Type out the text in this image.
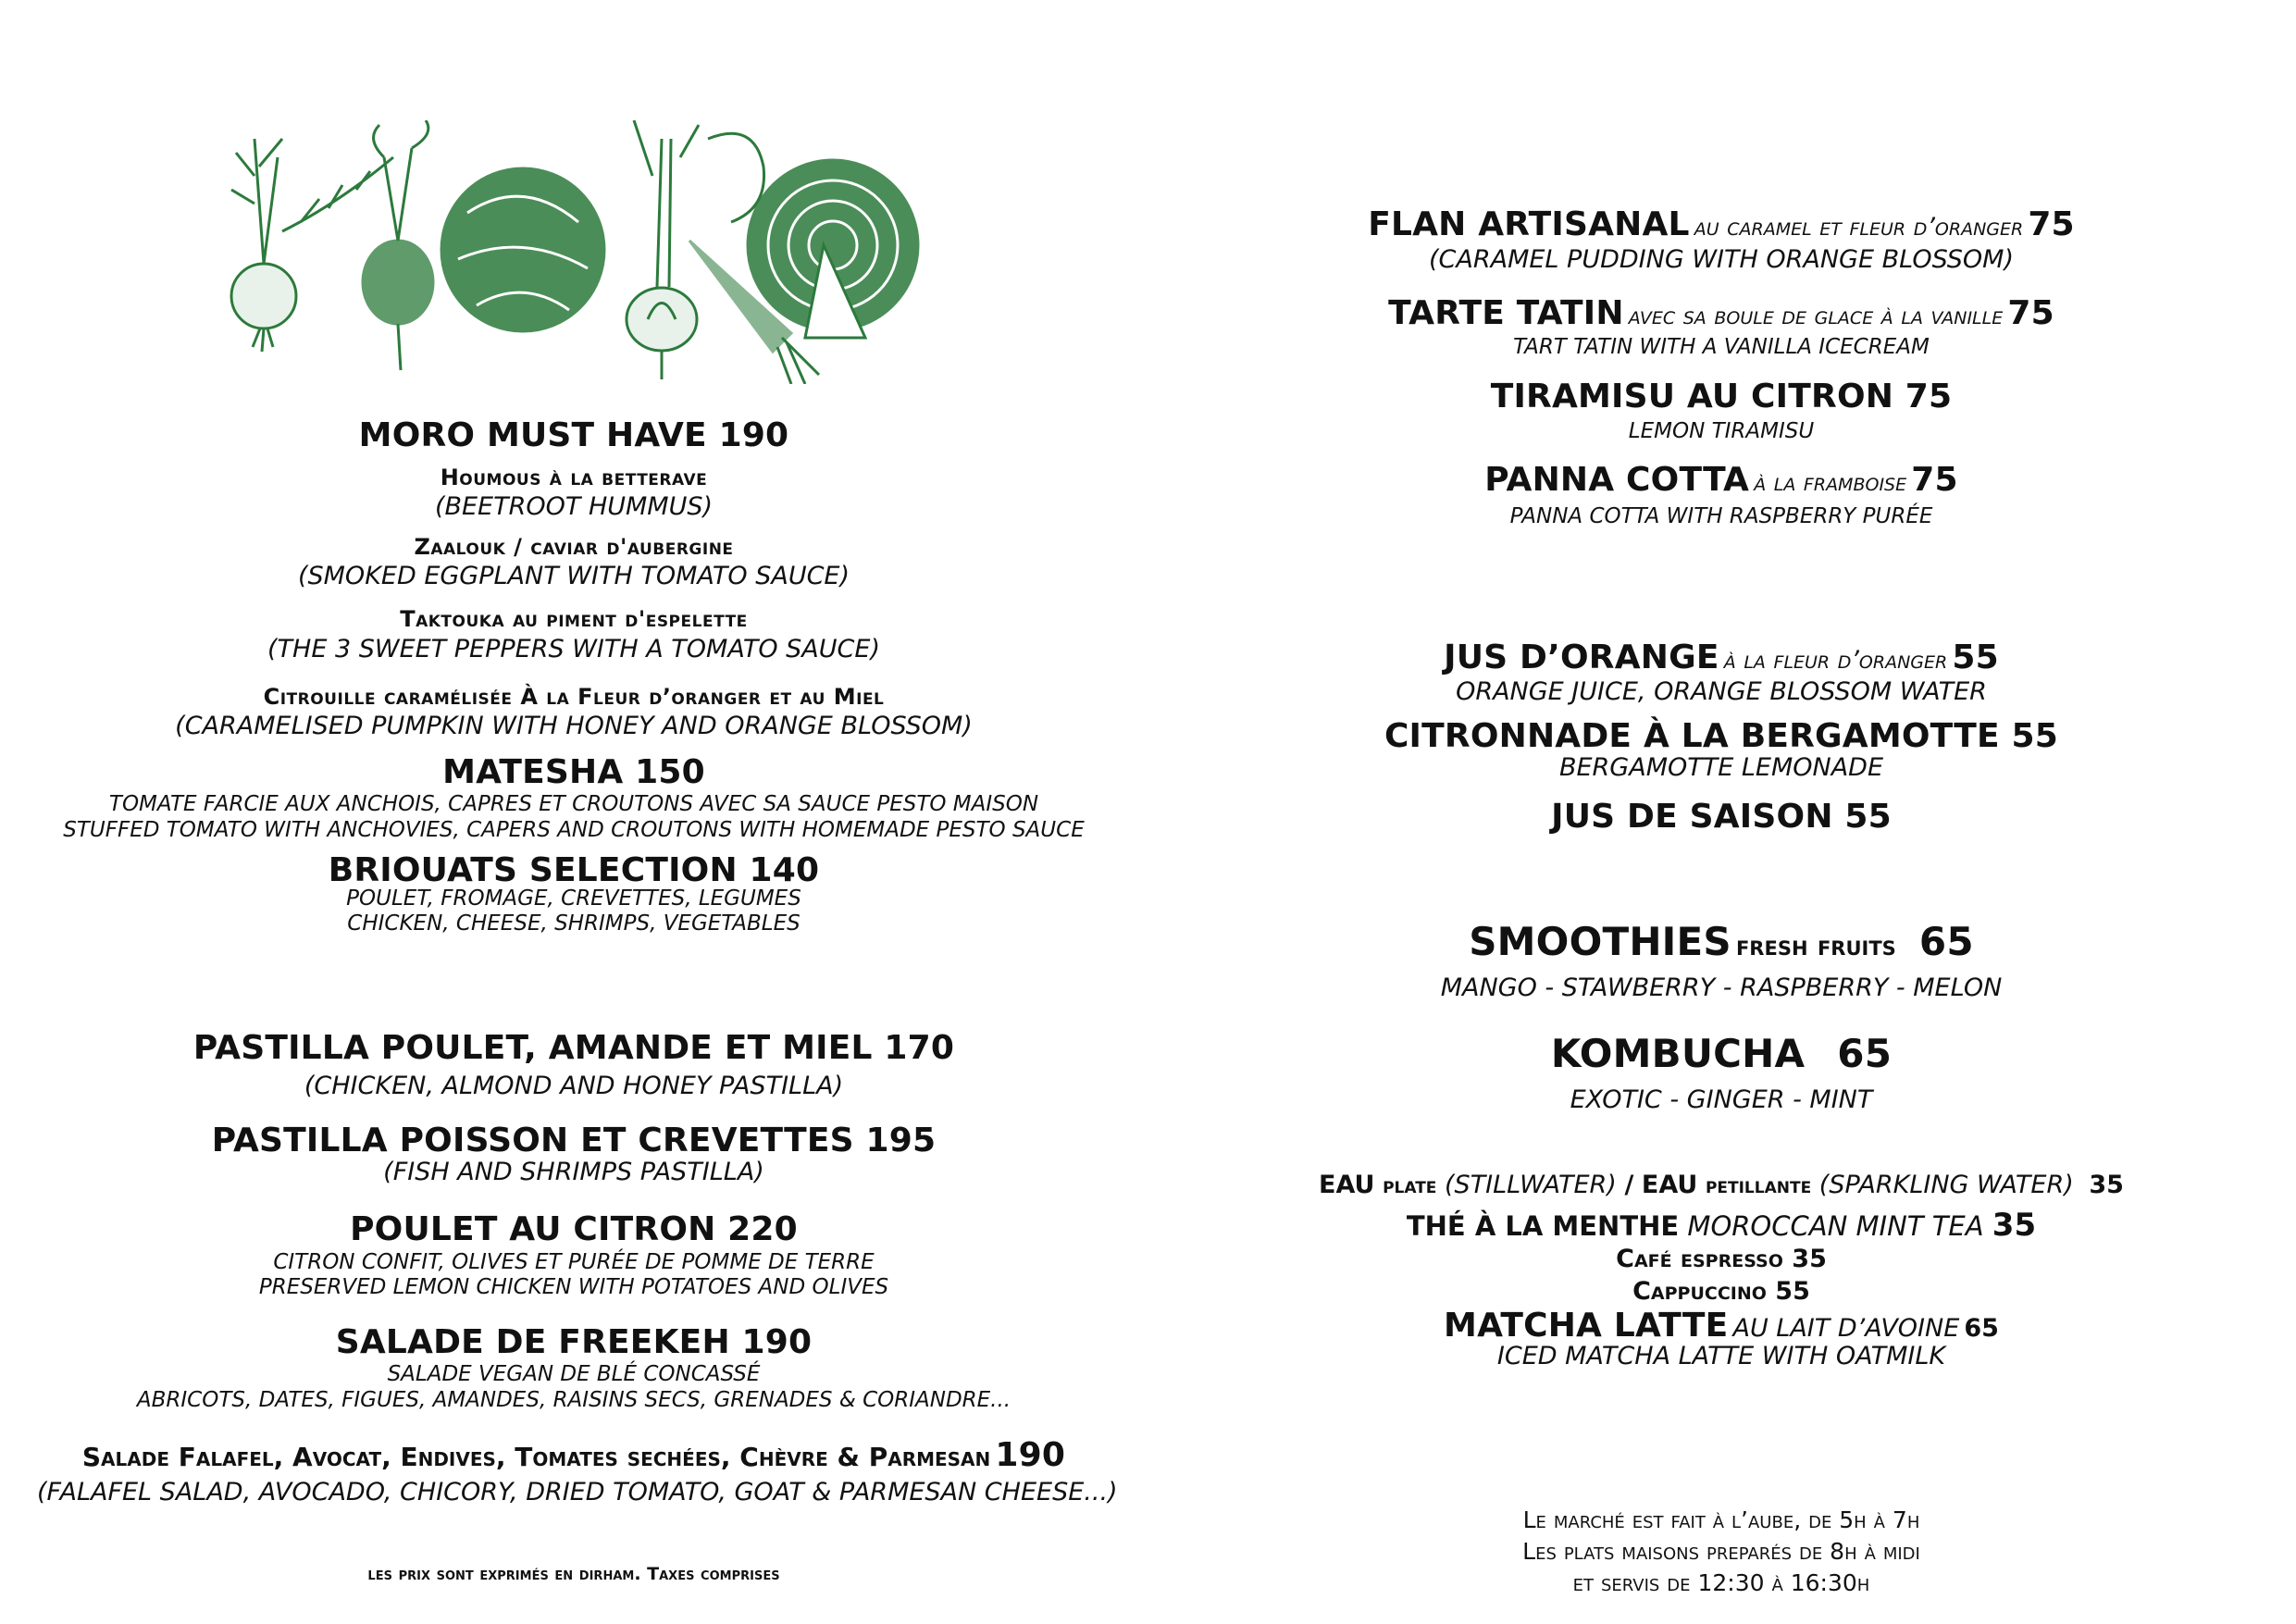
MORO MUST HAVE 190
Houmous à la betterave
(BEETROOT HUMMUS)
Zaalouk / caviar d'aubergine
(SMOKED EGGPLANT WITH TOMATO SAUCE)
Taktouka au piment d'espelette
(THE 3 SWEET PEPPERS WITH A TOMATO SAUCE)
Citrouille caramélisée À la Fleur d’oranger et au Miel
(CARAMELISED PUMPKIN WITH HONEY AND ORANGE BLOSSOM)
MATESHA 150
TOMATE FARCIE AUX ANCHOIS, CAPRES ET CROUTONS AVEC SA SAUCE PESTO MAISON
STUFFED TOMATO WITH ANCHOVIES, CAPERS AND CROUTONS WITH HOMEMADE PESTO SAUCE
BRIOUATS SELECTION 140
POULET, FROMAGE, CREVETTES, LEGUMES
CHICKEN, CHEESE, SHRIMPS, VEGETABLES
PASTILLA POULET, AMANDE ET MIEL 170
(CHICKEN, ALMOND AND HONEY PASTILLA)
PASTILLA POISSON ET CREVETTES 195
(FISH AND SHRIMPS PASTILLA)
POULET AU CITRON 220
CITRON CONFIT, OLIVES ET PURÉE DE POMME DE TERRE
PRESERVED LEMON CHICKEN WITH POTATOES AND OLIVES
SALADE DE FREEKEH 190
SALADE VEGAN DE BLÉ CONCASSÉ
ABRICOTS, DATES, FIGUES, AMANDES, RAISINS SECS, GRENADES & CORIANDRE...
Salade Falafel, Avocat, Endives, Tomates sechées, Chèvre & Parmesan 190
(FALAFEL SALAD, AVOCADO, CHICORY, DRIED TOMATO, GOAT & PARMESAN CHEESE...)
les prix sont exprimés en dirham. Taxes comprises
FLAN ARTISANAL au caramel et fleur d’oranger 75
(CARAMEL PUDDING WITH ORANGE BLOSSOM)
TARTE TATIN avec sa boule de glace à la vanille 75
TART TATIN WITH A VANILLA ICECREAM
TIRAMISU AU CITRON 75
LEMON TIRAMISU
PANNA COTTA à la framboise 75
PANNA COTTA WITH RASPBERRY PURÉE
JUS D’ORANGE à la fleur d’oranger 55
ORANGE JUICE, ORANGE BLOSSOM WATER
CITRONNADE À LA BERGAMOTTE 55
BERGAMOTTE LEMONADE
JUS DE SAISON 55
SMOOTHIES fresh fruits 65
MANGO - STAWBERRY - RASPBERRY - MELON
KOMBUCHA 65
EXOTIC - GINGER - MINT
EAU plate (STILLWATER) / EAU petillante (SPARKLING WATER) 35
THÉ À LA MENTHE MOROCCAN MINT TEA 35
Café espresso 35
Cappuccino 55
MATCHA LATTE AU LAIT D’AVOINE 65
ICED MATCHA LATTE WITH OATMILK
Le marché est fait à l’aube, de 5h à 7h
Les plats maisons preparés de 8h à midi
et servis de 12:30 à 16:30h
